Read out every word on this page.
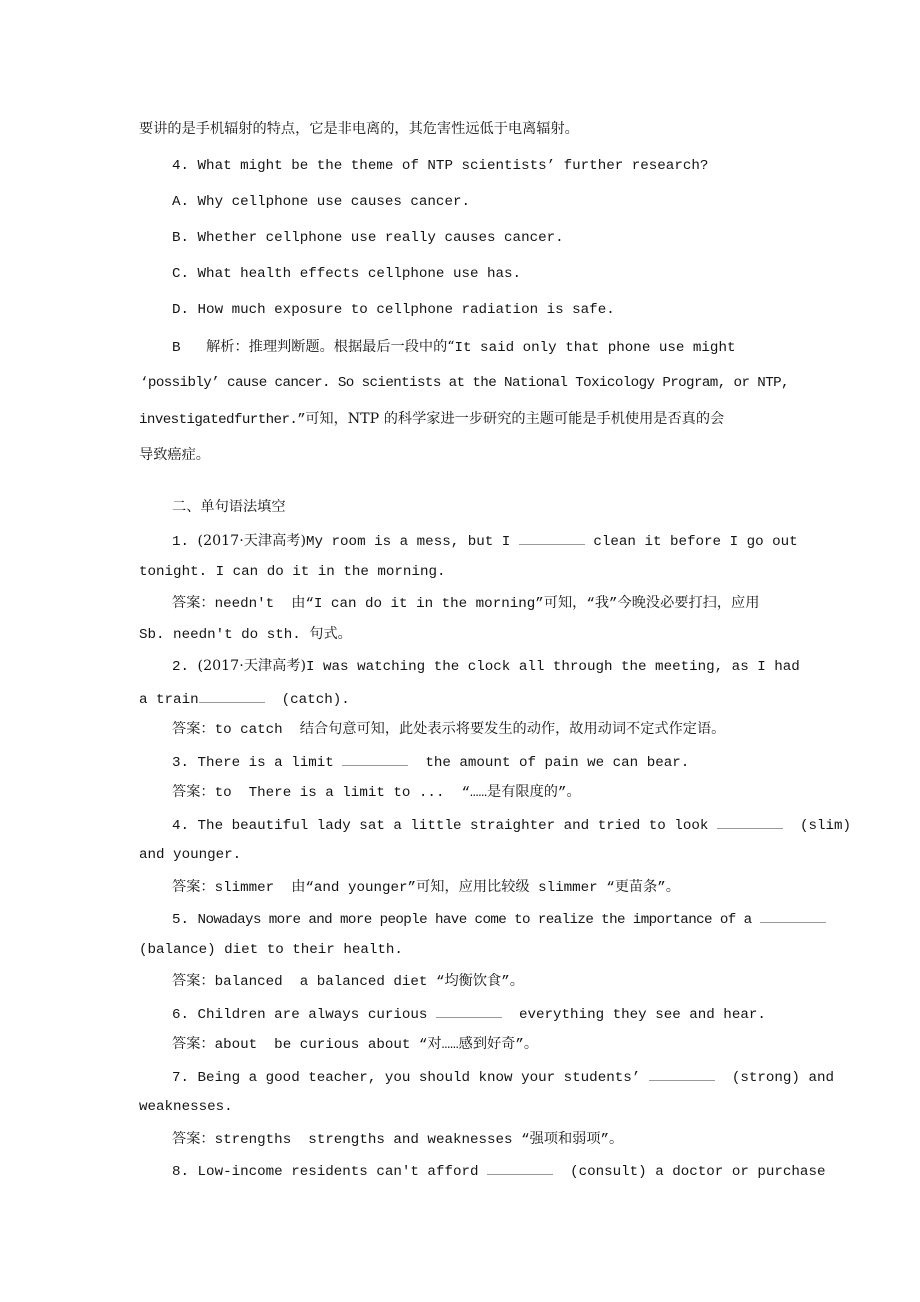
要讲的是手机辐射的特点，它是非电离的，其危害性远低于电离辐射。
4. What might be the theme of NTP scientists’ further research?
A. Why cellphone use causes cancer.
B. Whether cellphone use really causes cancer.
C. What health effects cellphone use has.
D. How much exposure to cellphone radiation is safe.
B 解析：推理判断题。根据最后一段中的“It said only that phone use might
‘possibly’ cause cancer. So scientists at the National Toxicology Program, or NTP,
investigatedfurther.”可知，NTP 的科学家进一步研究的主题可能是手机使用是否真的会
导致癌症。
二、单句语法填空
1. (2017·天津高考)My room is a mess, but I	clean it before I go out
tonight. I can do it in the morning.
答案：needn't  由“I can do it in the morning”可知，“我”今晚没必要打扫，应用
Sb. needn't do sth. 句式。
2. (2017·天津高考)I was watching the clock all through the meeting, as I had
a train	(catch).
答案：to catch  结合句意可知，此处表示将要发生的动作，故用动词不定式作定语。
3. There is a limit	the amount of pain we can bear.
答案：to  There is a limit to ...  “……是有限度的”。
4. The beautiful lady sat a little straighter and tried to look	(slim)
and younger.
答案：slimmer  由“and younger”可知，应用比较级 slimmer “更苗条”。
5. Nowadays more and more people have come to realize the importance of a
(balance) diet to their health.
答案：balanced  a balanced diet “均衡饮食”。
6. Children are always curious	everything they see and hear.
答案：about  be curious about “对……感到好奇”。
7. Being a good teacher, you should know your students’	(strong) and
weaknesses.
答案：strengths  strengths and weaknesses “强项和弱项”。
8. Low-income residents can't afford	(consult) a doctor or purchase
